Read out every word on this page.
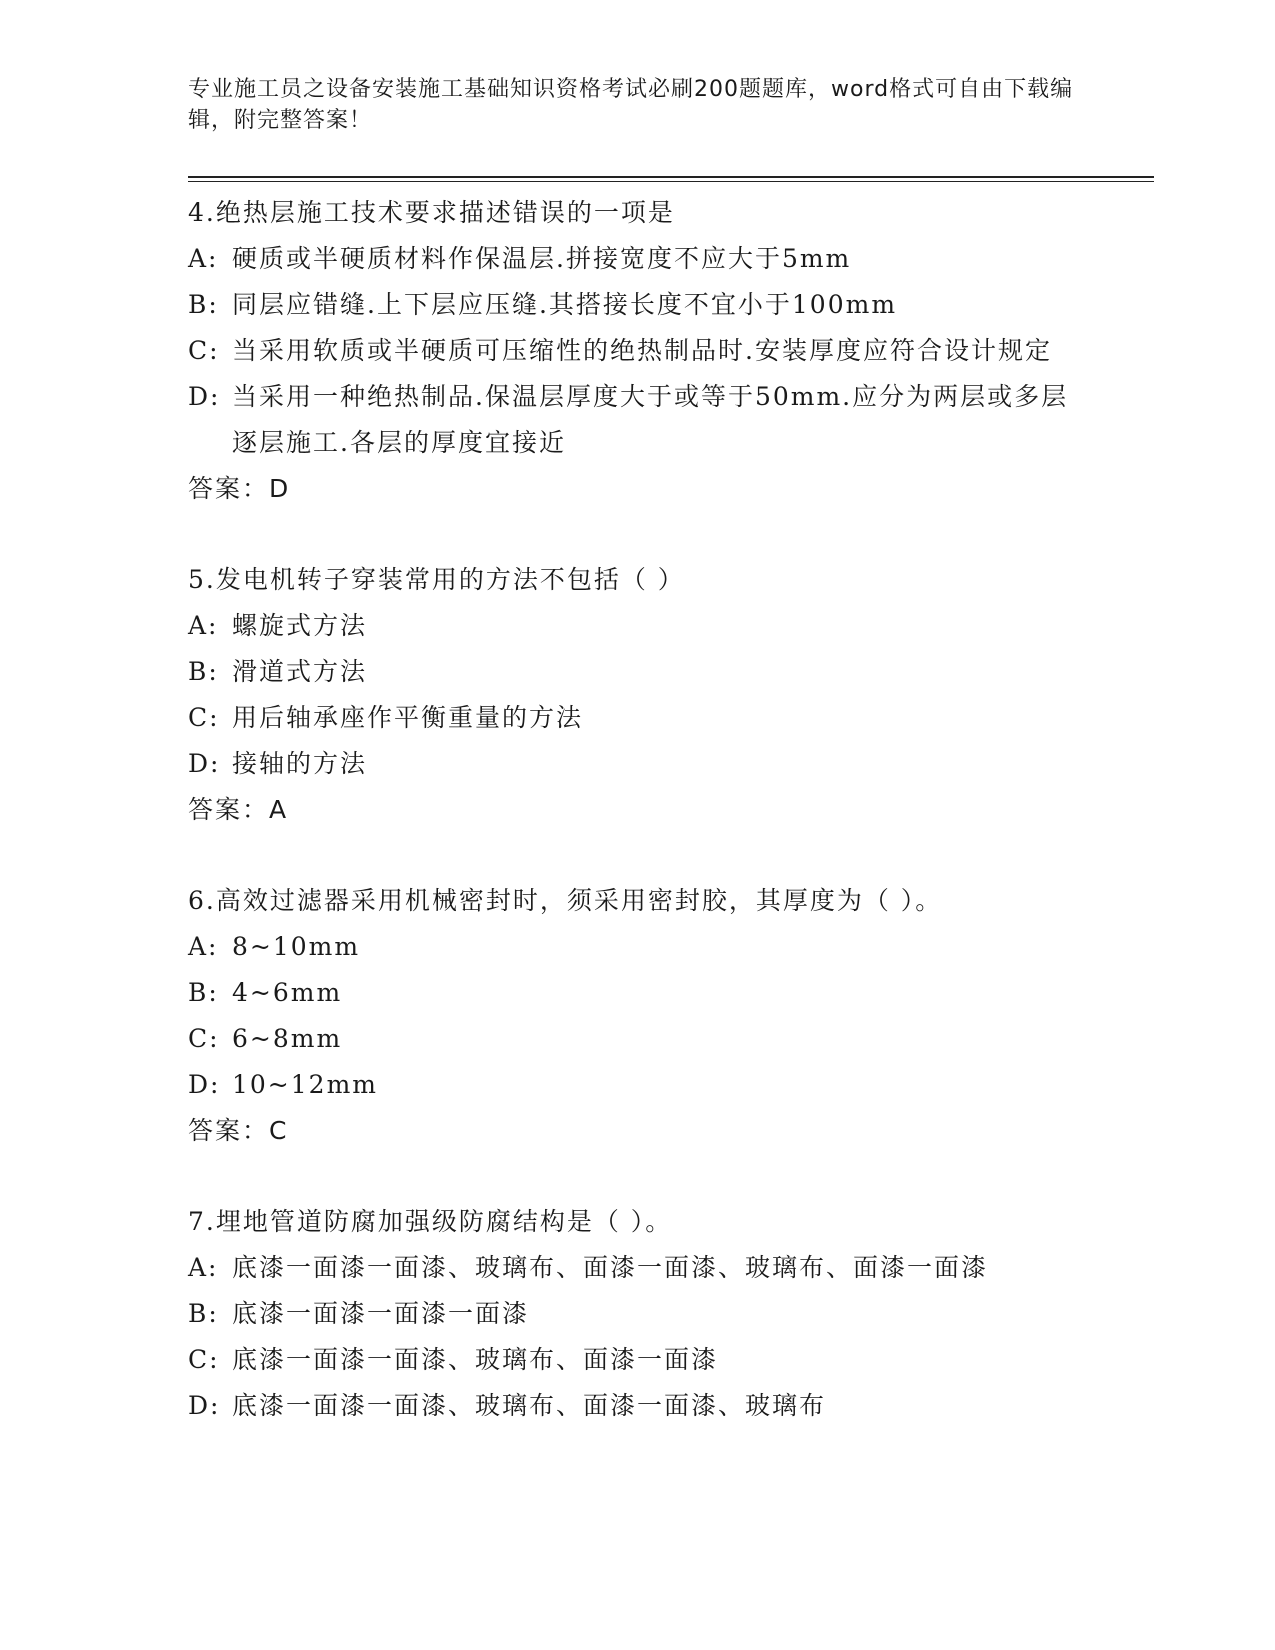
专业施工员之设备安装施工基础知识资格考试必刷200题题库，word格式可自由下载编辑，附完整答案！
4.绝热层施工技术要求描述错误的一项是
A: 硬质或半硬质材料作保温层.拼接宽度不应大于5mm
B: 同层应错缝.上下层应压缝.其搭接长度不宜小于100mm
C: 当采用软质或半硬质可压缩性的绝热制品时.安装厚度应符合设计规定
D: 当采用一种绝热制品.保温层厚度大于或等于50mm.应分为两层或多层逐层施工.各层的厚度宜接近
答案：D
5.发电机转子穿装常用的方法不包括（ ）
A: 螺旋式方法
B: 滑道式方法
C: 用后轴承座作平衡重量的方法
D: 接轴的方法
答案：A
6.高效过滤器采用机械密封时，须采用密封胶，其厚度为（ ）。
A: 8~10mm
B: 4~6mm
C: 6~8mm
D: 10~12mm
答案：C
7.埋地管道防腐加强级防腐结构是（ ）。
A: 底漆一面漆一面漆、玻璃布、面漆一面漆、玻璃布、面漆一面漆
B: 底漆一面漆一面漆一面漆
C: 底漆一面漆一面漆、玻璃布、面漆一面漆
D: 底漆一面漆一面漆、玻璃布、面漆一面漆、玻璃布
